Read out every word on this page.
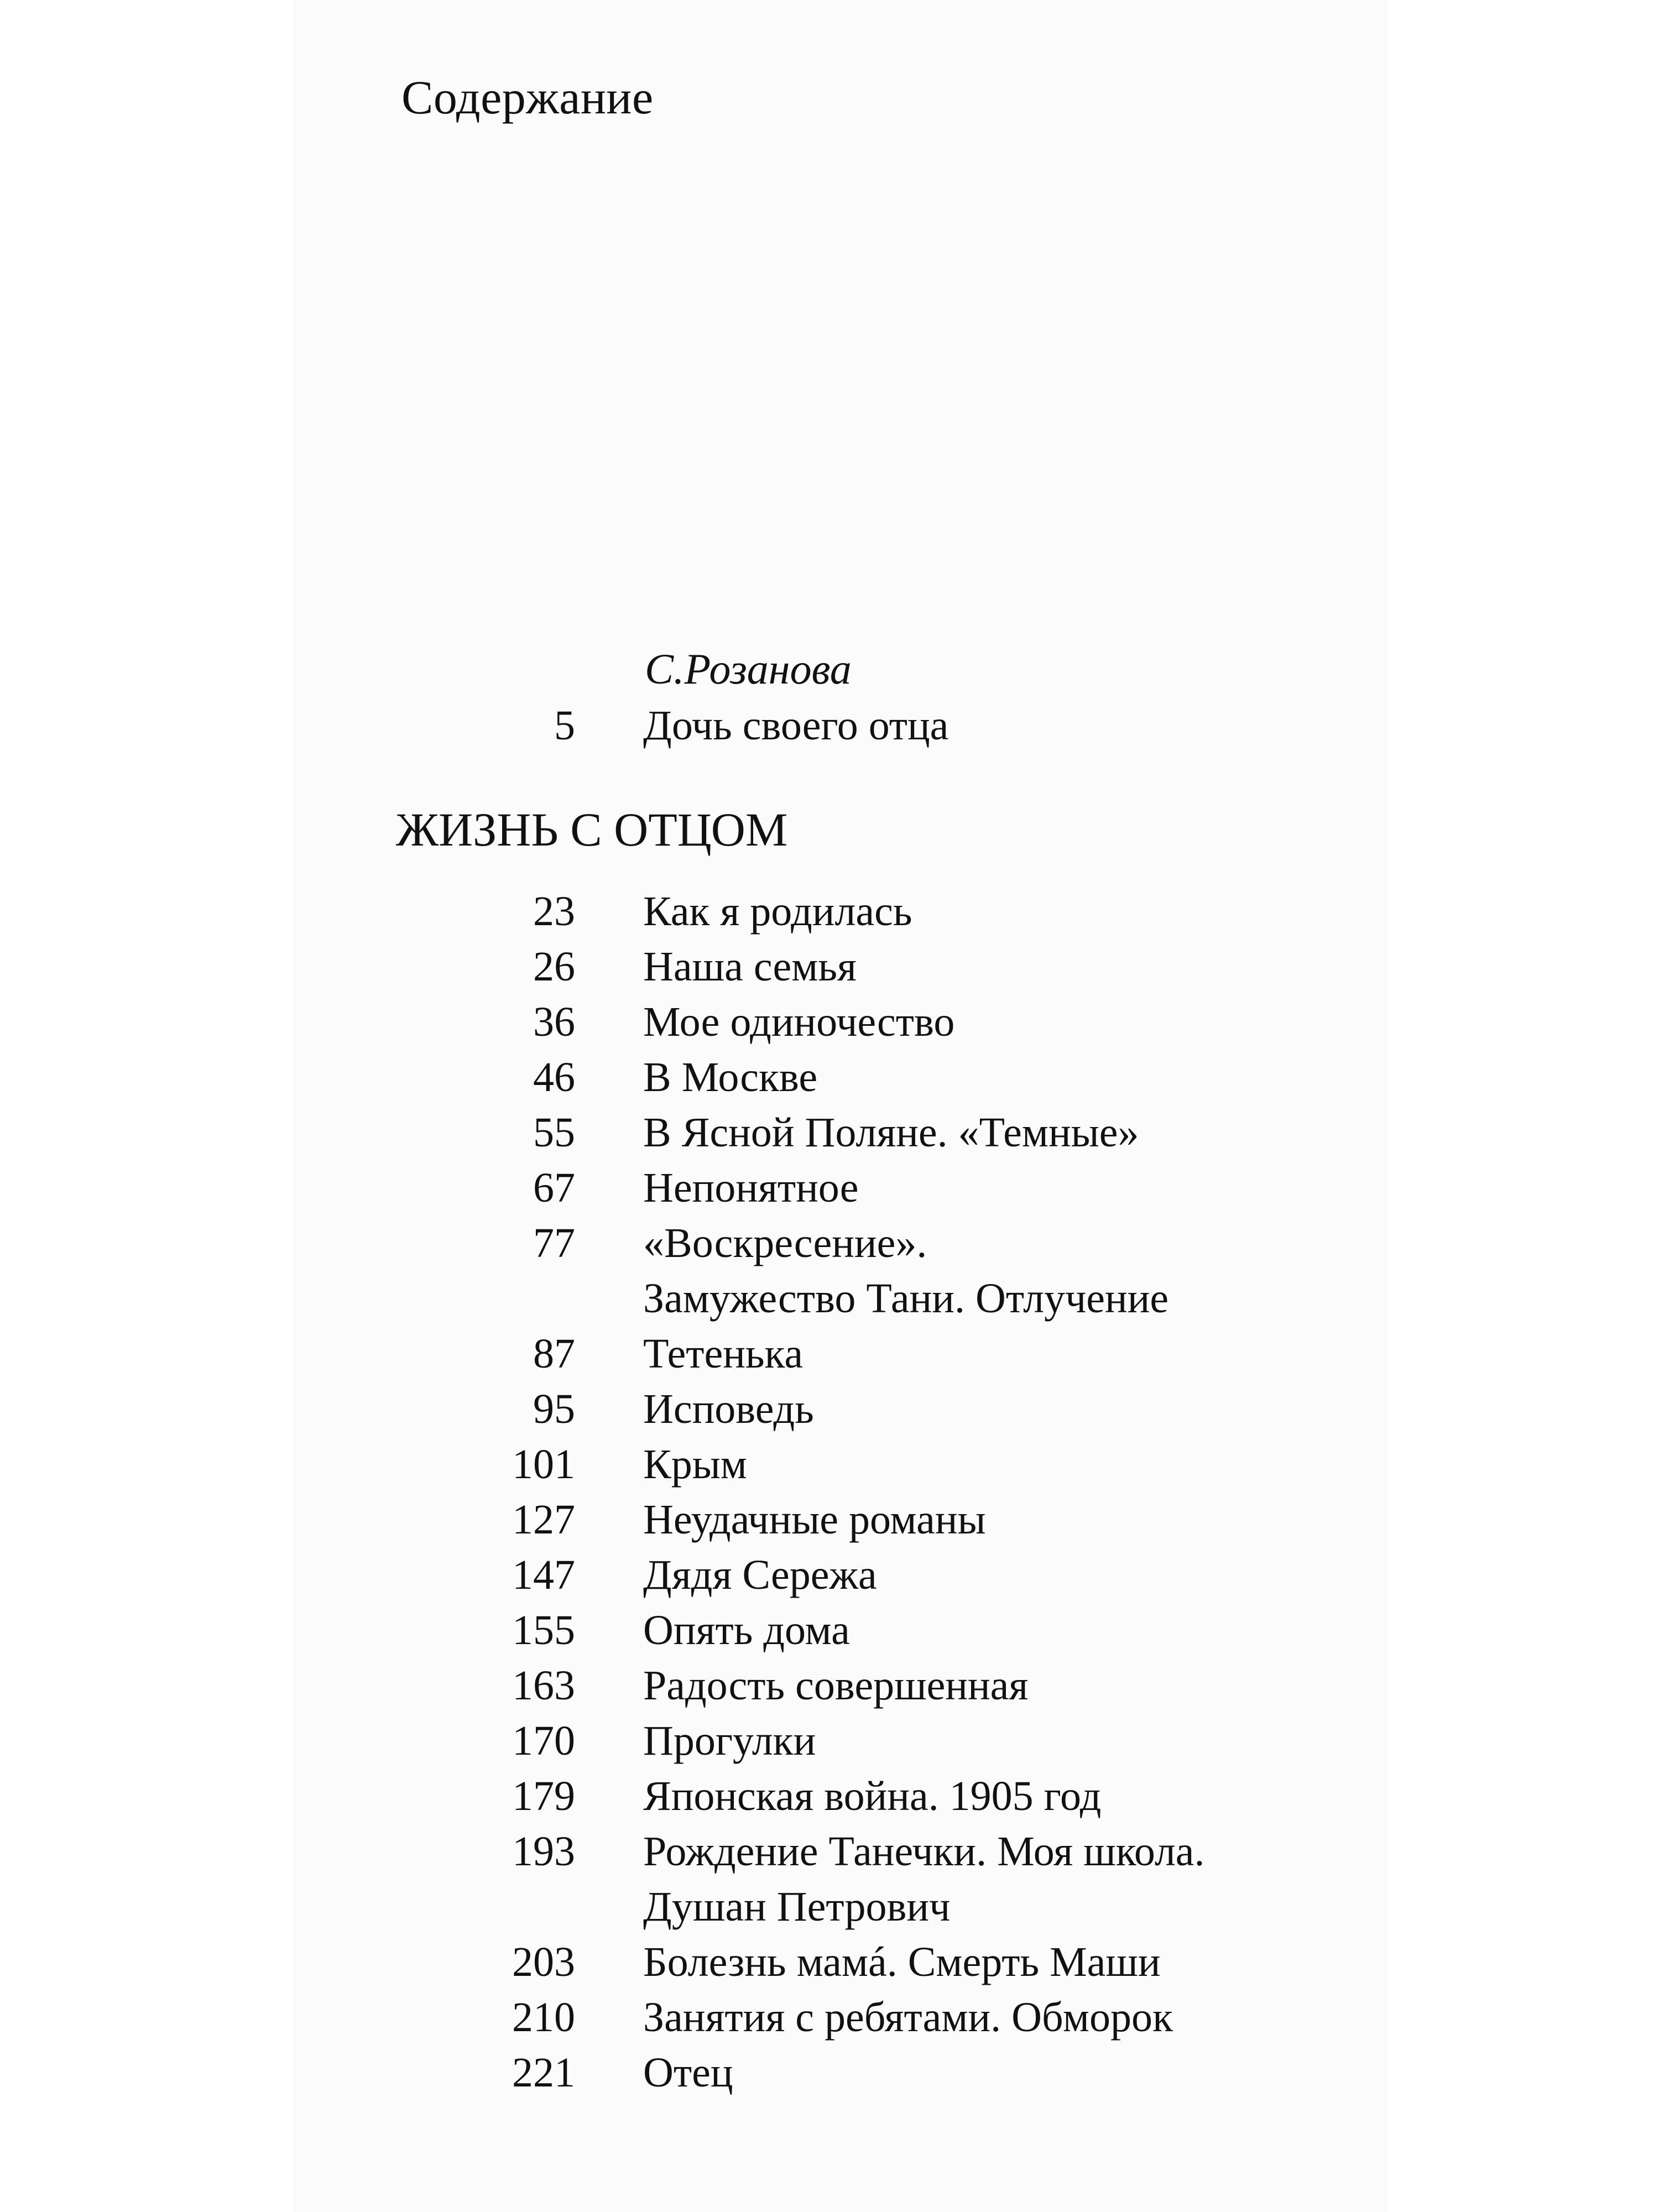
Содержание
С.Розанова
5 Дочь своего отца
ЖИЗНЬ С ОТЦОМ
23 Как я родилась
26 Наша семья
36 Мое одиночество
46 В Москве
55 В Ясной Поляне. «Темные»
67 Непонятное
77 «Воскресение».
Замужество Тани. Отлучение
87 Тетенька
95 Исповедь
101 Крым
127 Неудачные романы
147 Дядя Сережа
155 Опять дома
163 Радость совершенная
170 Прогулки
179 Японская война. 1905 год
193 Рождение Танечки. Моя школа.
Душан Петрович
203 Болезнь мамá. Смерть Маши
210 Занятия с ребятами. Обморок
221 Отец
